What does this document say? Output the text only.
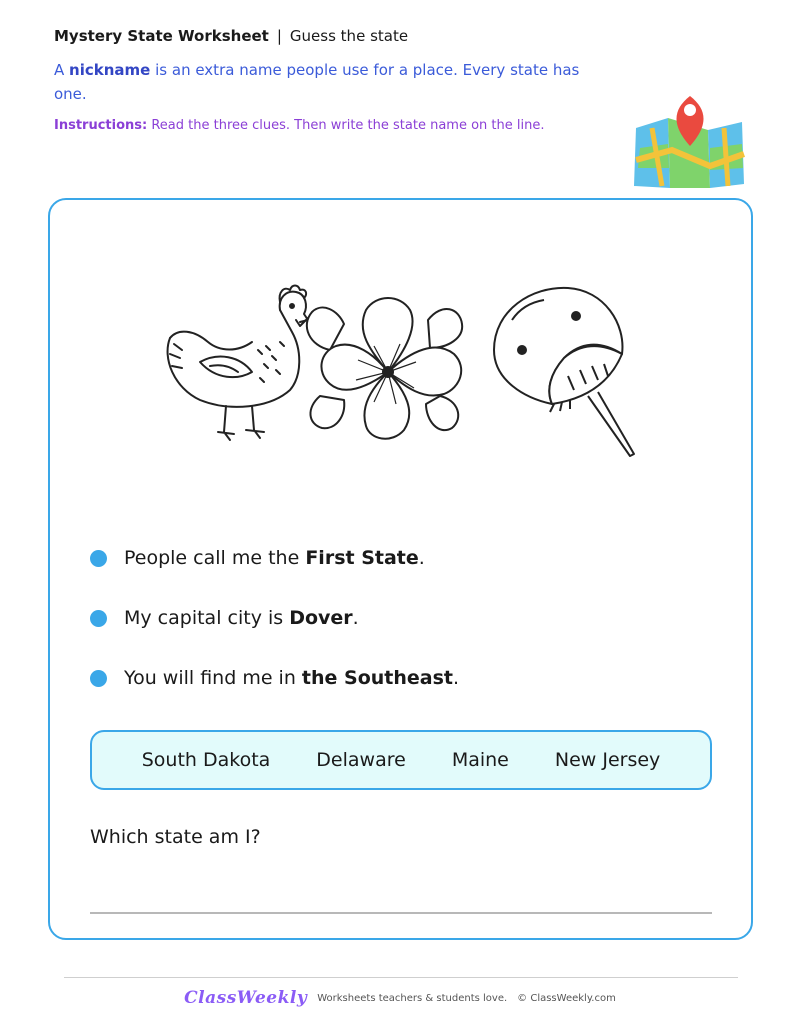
Mystery State Worksheet | Guess the state
A nickname is an extra name people use for a place. Every state has one.
Instructions: Read the three clues. Then write the state name on the line.
People call me the First State.
My capital city is Dover.
You will find me in the Southeast.
South Dakota Delaware Maine New Jersey
Which state am I?
ClassWeekly Worksheets teachers & students love. © ClassWeekly.com
